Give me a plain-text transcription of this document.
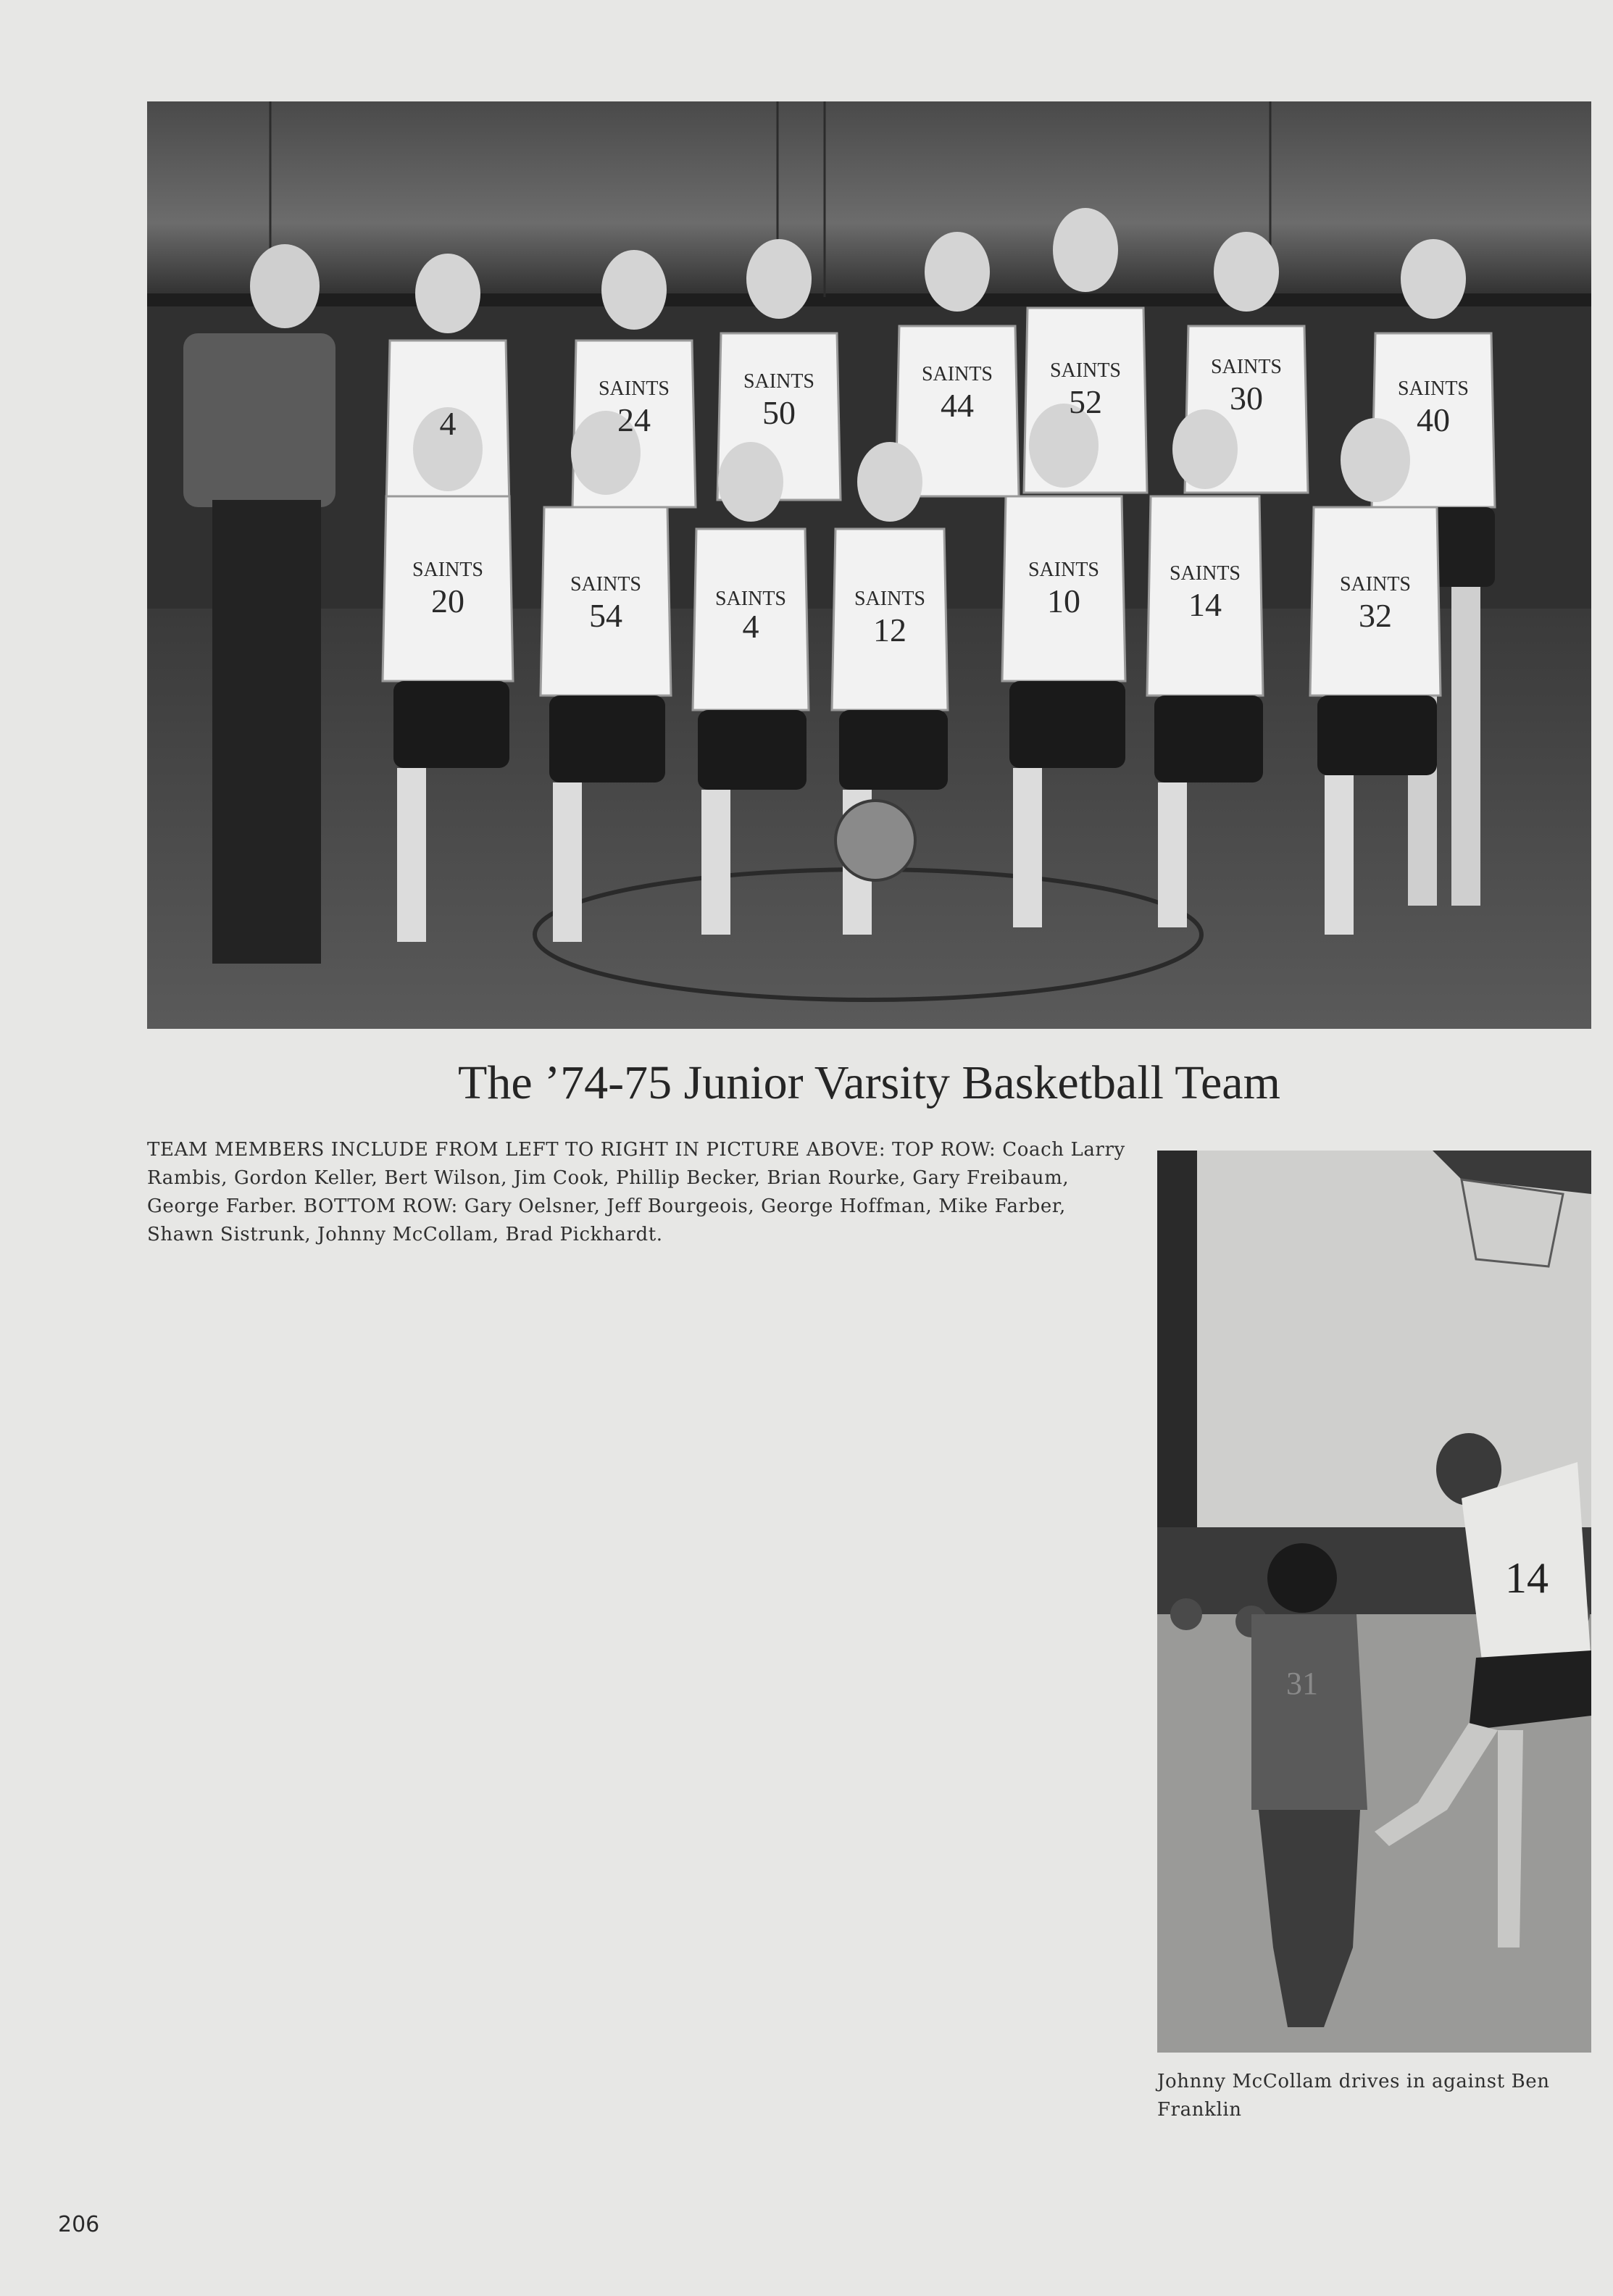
4	24	50	44	52	30
40
20	54	4	12
10	14	32
SAINTS
SAINTS
SAINTS	SAINTS
SAINTS	SAINTS	SAINTS
SAINTS	SAINTS	SAINTS	SAINTS	SAINTS
SAINTS
The ’74-75 Junior Varsity Basketball Team
TEAM MEMBERS INCLUDE FROM LEFT TO RIGHT IN PICTURE ABOVE: TOP ROW: Coach Larry Rambis, Gordon Keller, Bert Wilson, Jim Cook, Phillip Becker, Brian Rourke, Gary Freibaum, George Farber. BOTTOM ROW: Gary Oelsner, Jeff Bourgeois, George Hoffman, Mike Farber, Shawn Sistrunk, Johnny McCollam, Brad Pickhardt.
14
31
Johnny McCollam drives in against Ben Franklin
206
